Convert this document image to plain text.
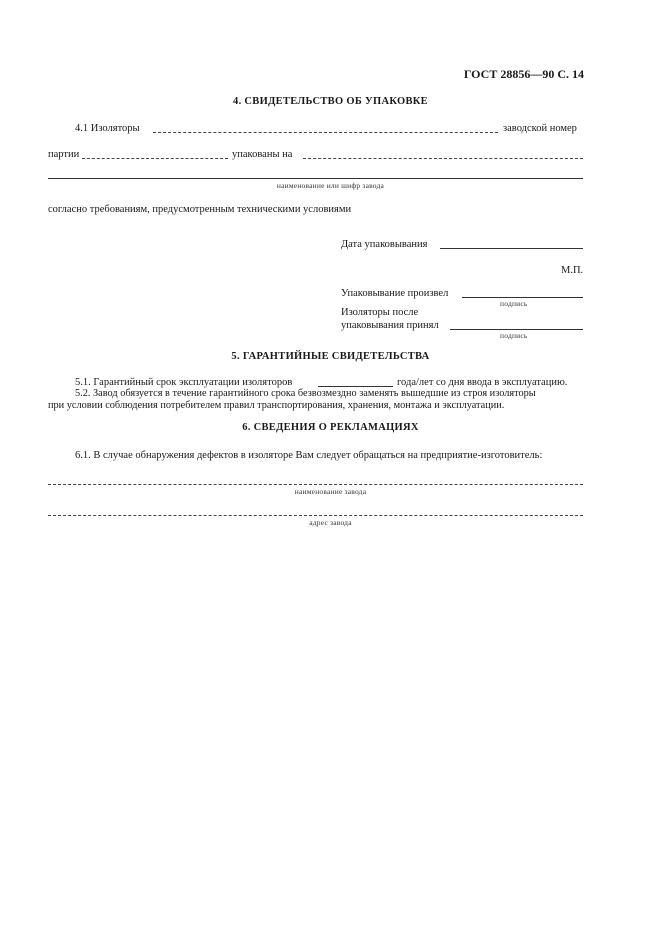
ГОСТ 28856—90 С. 14
4. СВИДЕТЕЛЬСТВО ОБ УПАКОВКЕ
4.1 Изоляторы	заводской номер
партии	упакованы на
наименование или шифр завода
согласно требованиям, предусмотренным техническими условиями
Дата упаковывания
М.П.
Упаковывание произвел
подпись
Изоляторы после
упаковывания принял
подпись
5. ГАРАНТИЙНЫЕ СВИДЕТЕЛЬСТВА
5.1. Гарантийный срок эксплуатации изоляторов	года/лет со дня ввода в эксплуатацию.
5.2. Завод обязуется в течение гарантийного срока безвозмездно заменять вышедшие из строя изоляторы
при условии соблюдения потребителем правил транспортирования, хранения, монтажа и эксплуатации.
6. СВЕДЕНИЯ О РЕКЛАМАЦИЯХ
6.1. В случае обнаружения дефектов в изоляторе Вам следует обращаться на предприятие-изготовитель:
наименование завода
адрес завода
